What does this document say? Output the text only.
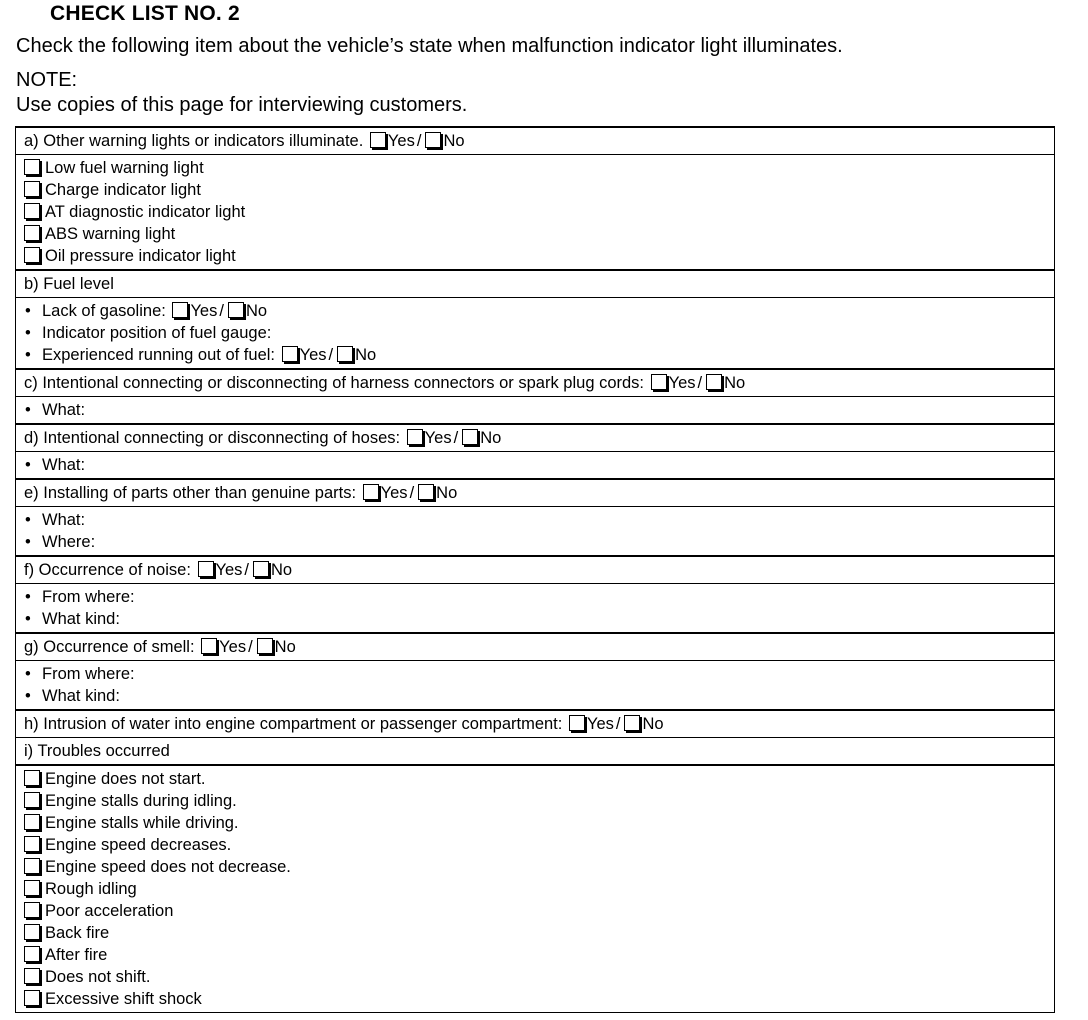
CHECK LIST NO. 2
Check the following item about the vehicle’s state when malfunction indicator light illuminates.
NOTE:
Use copies of this page for interviewing customers.
a) Other warning lights or indicators illuminate. Yes / No
Low fuel warning light
Charge indicator light
AT diagnostic indicator light
ABS warning light
Oil pressure indicator light
b) Fuel level
• Lack of gasoline: Yes / No
• Indicator position of fuel gauge:
• Experienced running out of fuel: Yes / No
c) Intentional connecting or disconnecting of harness connectors or spark plug cords: Yes / No
• What:
d) Intentional connecting or disconnecting of hoses: Yes / No
• What:
e) Installing of parts other than genuine parts: Yes / No
• What:
• Where:
f) Occurrence of noise: Yes / No
• From where:
• What kind:
g) Occurrence of smell: Yes / No
• From where:
• What kind:
h) Intrusion of water into engine compartment or passenger compartment: Yes / No
i) Troubles occurred
Engine does not start.
Engine stalls during idling.
Engine stalls while driving.
Engine speed decreases.
Engine speed does not decrease.
Rough idling
Poor acceleration
Back fire
After fire
Does not shift.
Excessive shift shock
